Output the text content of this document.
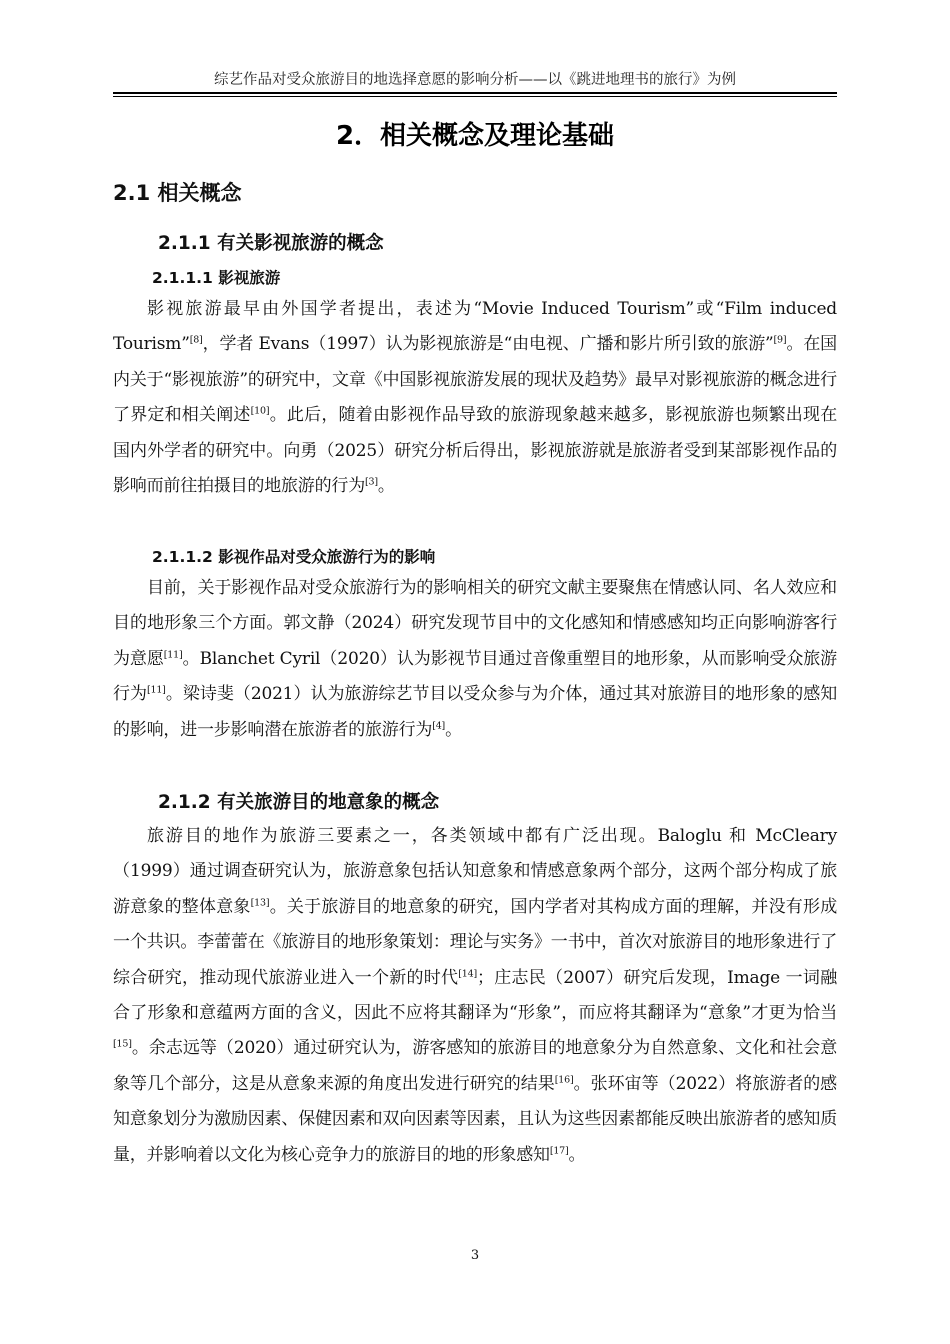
综艺作品对受众旅游目的地选择意愿的影响分析——以《跳进地理书的旅行》为例
2．相关概念及理论基础
2.1 相关概念
2.1.1 有关影视旅游的概念
2.1.1.1 影视旅游

影视旅游最早由外国学者提出，表述为“Movie Induced Tourism”或“Film induced Tourism”[8]，学者 Evans（1997）认为影视旅游是“由电视、广播和影片所引致的旅游”[9]。在国内关于“影视旅游”的研究中，文章《中国影视旅游发展的现状及趋势》最早对影视旅游的概念进行了界定和相关阐述[10]。此后，随着由影视作品导致的旅游现象越来越多，影视旅游也频繁出现在国内外学者的研究中。向勇（2025）研究分析后得出，影视旅游就是旅游者受到某部影视作品的影响而前往拍摄目的地旅游的行为[3]。

2.1.1.2 影视作品对受众旅游行为的影响

目前，关于影视作品对受众旅游行为的影响相关的研究文献主要聚焦在情感认同、名人效应和目的地形象三个方面。郭文静（2024）研究发现节目中的文化感知和情感感知均正向影响游客行为意愿[11]。Blanchet Cyril（2020）认为影视节目通过音像重塑目的地形象，从而影响受众旅游行为[11]。梁诗斐（2021）认为旅游综艺节目以受众参与为介体，通过其对旅游目的地形象的感知的影响，进一步影响潜在旅游者的旅游行为[4]。

2.1.2 有关旅游目的地意象的概念

旅游目的地作为旅游三要素之一，各类领域中都有广泛出现。Baloglu 和 McCleary（1999）通过调查研究认为，旅游意象包括认知意象和情感意象两个部分，这两个部分构成了旅游意象的整体意象[13]。关于旅游目的地意象的研究，国内学者对其构成方面的理解，并没有形成一个共识。李蕾蕾在《旅游目的地形象策划：理论与实务》一书中，首次对旅游目的地形象进行了综合研究，推动现代旅游业进入一个新的时代[14]；庄志民（2007）研究后发现，Image 一词融合了形象和意蕴两方面的含义，因此不应将其翻译为“形象”，而应将其翻译为“意象”才更为恰当[15]。余志远等（2020）通过研究认为，游客感知的旅游目的地意象分为自然意象、文化和社会意象等几个部分，这是从意象来源的角度出发进行研究的结果[16]。张环宙等（2022）将旅游者的感知意象划分为激励因素、保健因素和双向因素等因素，且认为这些因素都能反映出旅游者的感知质量，并影响着以文化为核心竞争力的旅游目的地的形象感知[17]。

3
